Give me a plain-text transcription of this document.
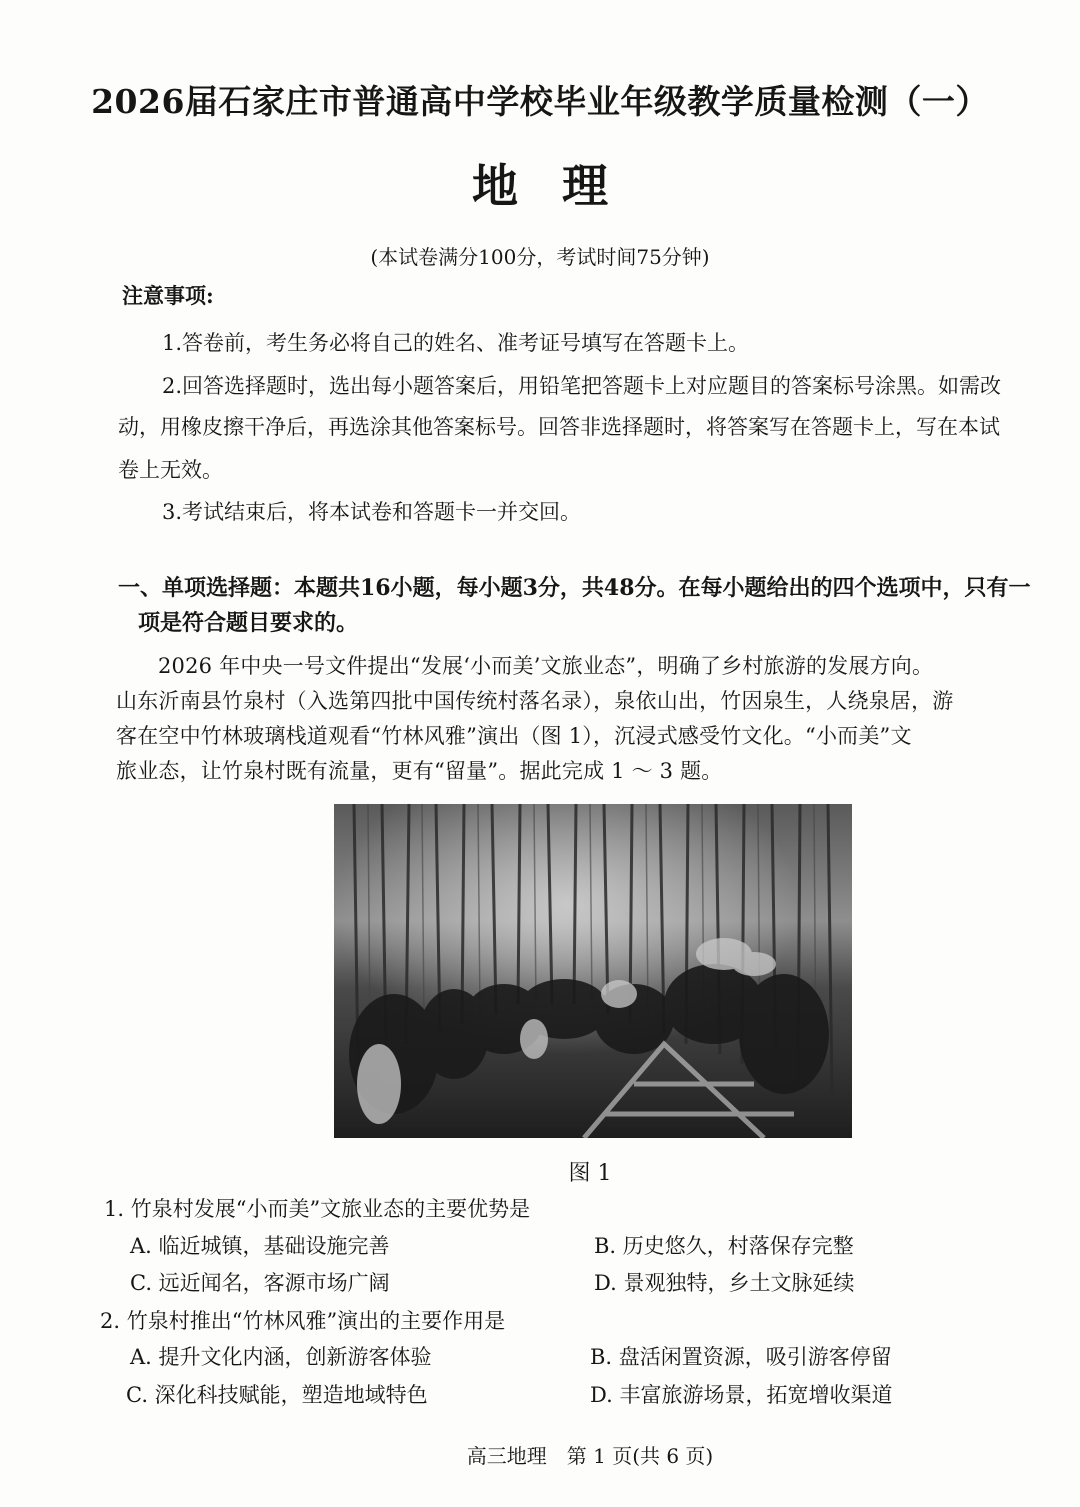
2026届石家庄市普通高中学校毕业年级教学质量检测（一）
地理
(本试卷满分100分，考试时间75分钟)
注意事项:
1.答卷前，考生务必将自己的姓名、准考证号填写在答题卡上。
2.回答选择题时，选出每小题答案后，用铅笔把答题卡上对应题目的答案标号涂黑。如需改
动，用橡皮擦干净后，再选涂其他答案标号。回答非选择题时，将答案写在答题卡上，写在本试
卷上无效。
3.考试结束后，将本试卷和答题卡一并交回。
一、单项选择题：本题共16小题，每小题3分，共48分。在每小题给出的四个选项中，只有一
项是符合题目要求的。
2026 年中央一号文件提出“发展‘小而美’文旅业态”，明确了乡村旅游的发展方向。
山东沂南县竹泉村（入选第四批中国传统村落名录），泉依山出，竹因泉生，人绕泉居，游
客在空中竹林玻璃栈道观看“竹林风雅”演出（图 1），沉浸式感受竹文化。“小而美”文
旅业态，让竹泉村既有流量，更有“留量”。据此完成 1 ～ 3 题。
图 1
1. 竹泉村发展“小而美”文旅业态的主要优势是
A. 临近城镇，基础设施完善	B. 历史悠久，村落保存完整
C. 远近闻名，客源市场广阔	D. 景观独特，乡土文脉延续
2. 竹泉村推出“竹林风雅”演出的主要作用是
A. 提升文化内涵，创新游客体验	B. 盘活闲置资源，吸引游客停留
C. 深化科技赋能，塑造地域特色	D. 丰富旅游场景，拓宽增收渠道
高三地理　第 1 页(共 6 页)
